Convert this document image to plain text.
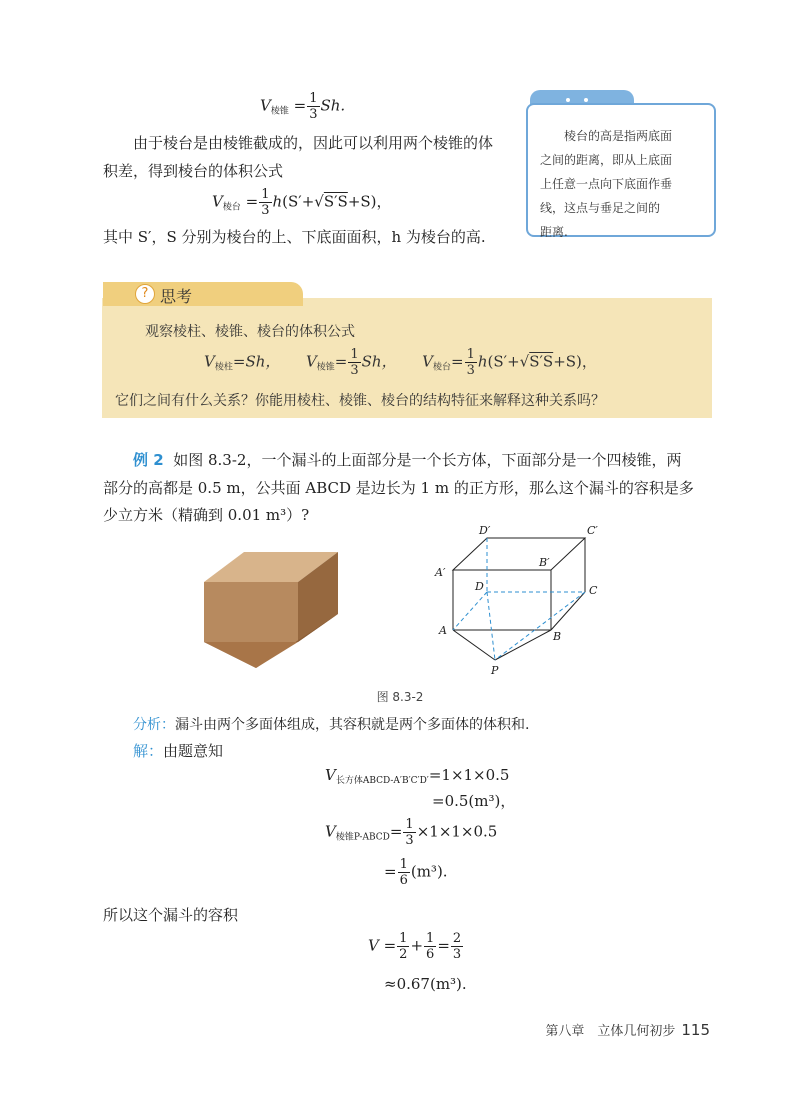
$V_{棱锥} = \frac{1}{3} Sh$.
由于棱台是由棱锥截成的，因此可以利用两个棱锥的体
积差，得到棱台的体积公式
$V_{棱台} = \frac{1}{3} h(S'+√S'S+S)$，
其中 S′，S 分别为棱台的上、下底面面积，h 为棱台的高.
棱台的高是指两底面
之间的距离，即从上底面
上任意一点向下底面作垂
线，这点与垂足之间的
距离.
? 思考
观察棱柱、棱锥、棱台的体积公式
$V_{棱柱}=Sh$， $V_{棱锥}= \frac{1}{3}$ Sh， $V_{棱台}= \frac{1}{3} h(S'+√S'S+S)$，
它们之间有什么关系？你能用棱柱、棱锥、棱台的结构特征来解释这种关系吗？
例 2 如图 8.3-2，一个漏斗的上面部分是一个长方体，下面部分是一个四棱锥，两
部分的高都是 0.5 m，公共面 ABCD 是边长为 1 m 的正方形，那么这个漏斗的容积是多
少立方米（精确到 0.01 m³）?
D′	C′
A′
B′
D	C
A	B
P
图 8.3-2
分析：漏斗由两个多面体组成，其容积就是两个多面体的体积和.
解：由题意知
$V_{长方体ABCD-A'B'C'D'}=1\times 1\times 0.5$
=0.5(m³)，
$V_{棱锥P-ABCD}= \frac{1}{3} \times 1\times 1\times 0.5$
= $\frac{1}{6} (m^3)$.
所以这个漏斗的容积
$V = \frac{1}{2} + \frac{1}{6} = \frac{2}{3}$
≈0.67(m³).
第八章　立体几何初步 115
